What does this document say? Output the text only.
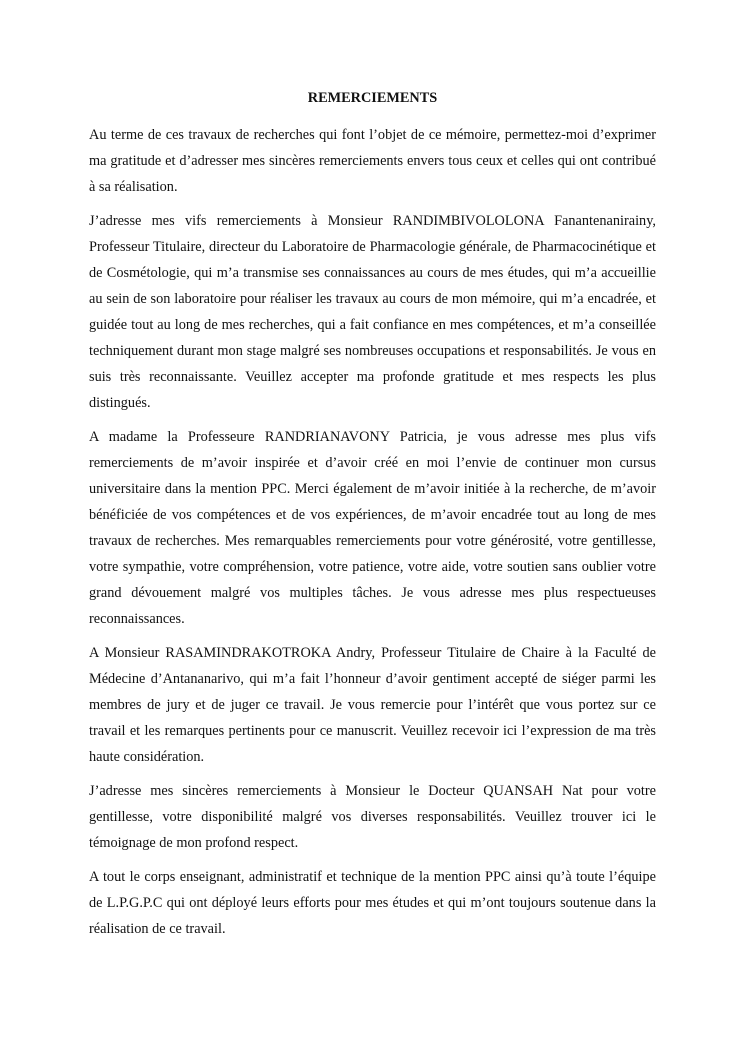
REMERCIEMENTS

Au terme de ces travaux de recherches qui font l’objet de ce mémoire, permettez-moi d’exprimer ma gratitude et d’adresser mes sincères remerciements envers tous ceux et celles qui ont contribué à sa réalisation.

J’adresse mes vifs remerciements à Monsieur RANDIMBIVOLOLONA Fanantenanirainy, Professeur Titulaire, directeur du Laboratoire de Pharmacologie générale, de Pharmacocinétique et de Cosmétologie, qui m’a transmise ses connaissances au cours de mes études, qui m’a accueillie au sein de son laboratoire pour réaliser les travaux au cours de mon mémoire, qui m’a encadrée, et guidée tout au long de mes recherches, qui a fait confiance en mes compétences, et m’a conseillée techniquement durant mon stage malgré ses nombreuses occupations et responsabilités. Je vous en suis très reconnaissante. Veuillez accepter ma profonde gratitude et mes respects les plus distingués.

A madame la Professeure RANDRIANAVONY Patricia, je vous adresse mes plus vifs remerciements de m’avoir inspirée et d’avoir créé en moi l’envie de continuer mon cursus universitaire dans la mention PPC. Merci également de m’avoir initiée à la recherche, de m’avoir bénéficiée de vos compétences et de vos expériences, de m’avoir encadrée tout au long de mes travaux de recherches. Mes remarquables remerciements pour votre générosité, votre gentillesse, votre sympathie, votre compréhension, votre patience, votre aide, votre soutien sans oublier votre grand dévouement malgré vos multiples tâches. Je vous adresse mes plus respectueuses reconnaissances.

A Monsieur RASAMINDRAKOTROKA Andry, Professeur Titulaire de Chaire à la Faculté de Médecine d’Antananarivo, qui m’a fait l’honneur d’avoir gentiment accepté de siéger parmi les membres de jury et de juger ce travail. Je vous remercie pour l’intérêt que vous portez sur ce travail et les remarques pertinents pour ce manuscrit. Veuillez recevoir ici l’expression de ma très haute considération.

J’adresse mes sincères remerciements à Monsieur le Docteur QUANSAH Nat pour votre gentillesse, votre disponibilité malgré vos diverses responsabilités. Veuillez trouver ici le témoignage de mon profond respect.

A tout le corps enseignant, administratif et technique de la mention PPC ainsi qu’à toute l’équipe de L.P.G.P.C qui ont déployé leurs efforts pour mes études et qui m’ont toujours soutenue dans la réalisation de ce travail.
